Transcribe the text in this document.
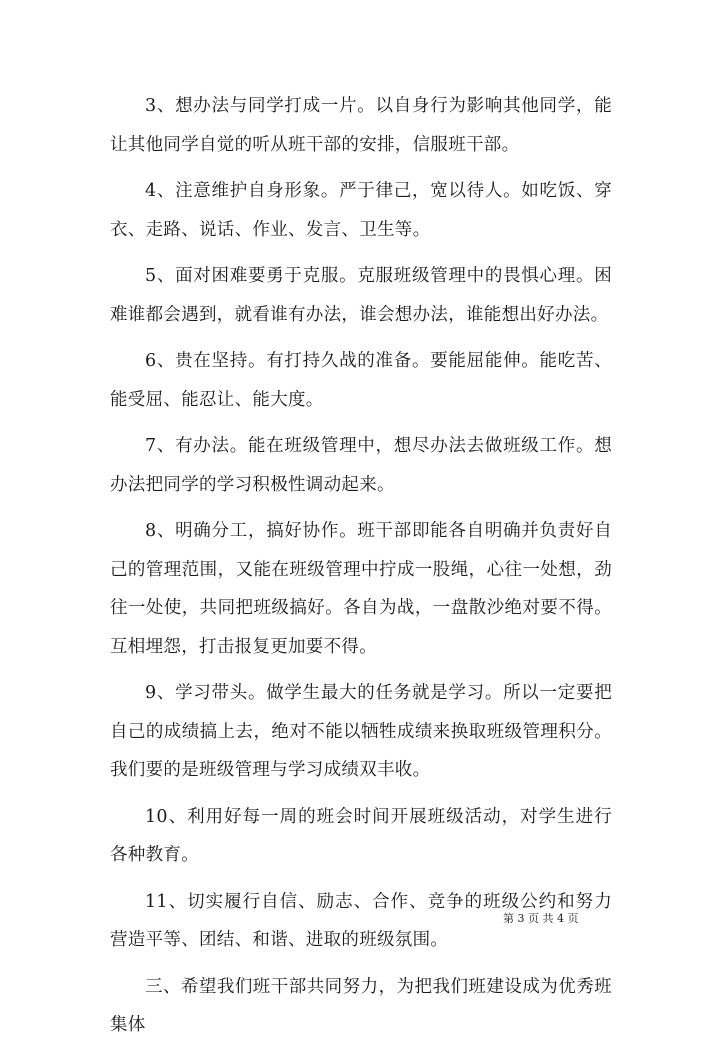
3、想办法与同学打成一片。以自身行为影响其他同学，能让其他同学自觉的听从班干部的安排，信服班干部。

4、注意维护自身形象。严于律己，宽以待人。如吃饭、穿衣、走路、说话、作业、发言、卫生等。

5、面对困难要勇于克服。克服班级管理中的畏惧心理。困难谁都会遇到，就看谁有办法，谁会想办法，谁能想出好办法。

6、贵在坚持。有打持久战的准备。要能屈能伸。能吃苦、能受屈、能忍让、能大度。

7、有办法。能在班级管理中，想尽办法去做班级工作。想办法把同学的学习积极性调动起来。

8、明确分工，搞好协作。班干部即能各自明确并负责好自己的管理范围，又能在班级管理中拧成一股绳，心往一处想，劲往一处使，共同把班级搞好。各自为战，一盘散沙绝对要不得。互相埋怨，打击报复更加要不得。

9、学习带头。做学生最大的任务就是学习。所以一定要把自己的成绩搞上去，绝对不能以牺牲成绩来换取班级管理积分。我们要的是班级管理与学习成绩双丰收。

10、利用好每一周的班会时间开展班级活动，对学生进行各种教育。

11、切实履行自信、励志、合作、竞争的班级公约和努力营造平等、团结、和谐、进取的班级氛围。

三、希望我们班干部共同努力，为把我们班建设成为优秀班集体

第 3 页 共 4 页
